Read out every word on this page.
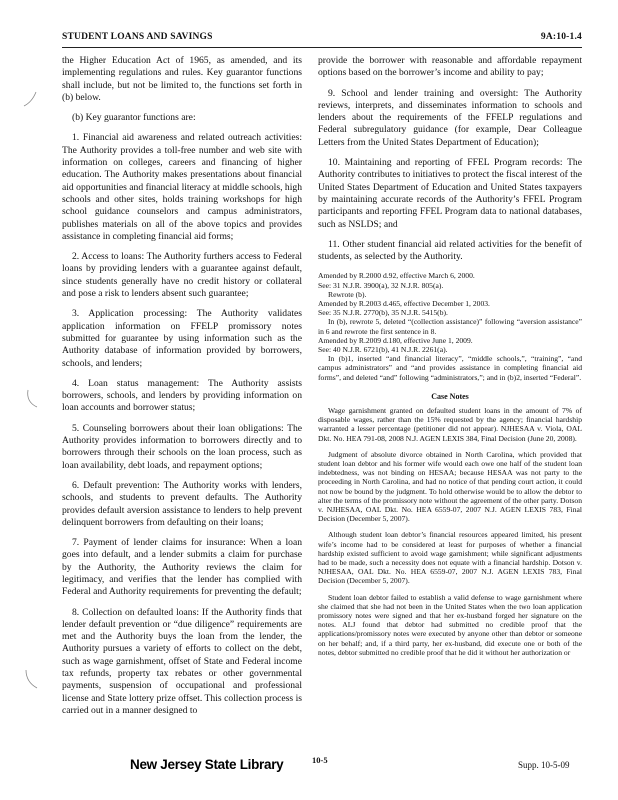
STUDENT LOANS AND SAVINGS	9A:10-1.4

the Higher Education Act of 1965, as amended, and its implementing regulations and rules. Key guarantor functions shall include, but not be limited to, the functions set forth in (b) below.

(b) Key guarantor functions are:

1. Financial aid awareness and related outreach activities: The Authority provides a toll-free number and web site with information on colleges, careers and financing of higher education. The Authority makes presentations about financial aid opportunities and financial literacy at middle schools, high schools and other sites, holds training workshops for high school guidance counselors and campus administrators, publishes materials on all of the above topics and provides assistance in completing financial aid forms;

2. Access to loans: The Authority furthers access to Federal loans by providing lenders with a guarantee against default, since students generally have no credit history or collateral and pose a risk to lenders absent such guarantee;

3. Application processing: The Authority validates application information on FFELP promissory notes submitted for guarantee by using information such as the Authority database of information provided by borrowers, schools, and lenders;

4. Loan status management: The Authority assists borrowers, schools, and lenders by providing information on loan accounts and borrower status;

5. Counseling borrowers about their loan obligations: The Authority provides information to borrowers directly and to borrowers through their schools on the loan process, such as loan availability, debt loads, and repayment options;

6. Default prevention: The Authority works with lenders, schools, and students to prevent defaults. The Authority provides default aversion assistance to lenders to help prevent delinquent borrowers from defaulting on their loans;

7. Payment of lender claims for insurance: When a loan goes into default, and a lender submits a claim for purchase by the Authority, the Authority reviews the claim for legitimacy, and verifies that the lender has complied with Federal and Authority requirements for preventing the default;

8. Collection on defaulted loans: If the Authority finds that lender default prevention or “due diligence” requirements are met and the Authority buys the loan from the lender, the Authority pursues a variety of efforts to collect on the debt, such as wage garnishment, offset of State and Federal income tax refunds, property tax rebates or other governmental payments, suspension of occupational and professional license and State lottery prize offset. This collection process is carried out in a manner designed to

provide the borrower with reasonable and affordable repayment options based on the borrower’s income and ability to pay;

9. School and lender training and oversight: The Authority reviews, interprets, and disseminates information to schools and lenders about the requirements of the FFELP regulations and Federal subregulatory guidance (for example, Dear Colleague Letters from the United States Department of Education);

10. Maintaining and reporting of FFEL Program records: The Authority contributes to initiatives to protect the fiscal interest of the United States Department of Education and United States taxpayers by maintaining accurate records of the Authority’s FFEL Program participants and reporting FFEL Program data to national databases, such as NSLDS; and

11. Other student financial aid related activities for the benefit of students, as selected by the Authority.

Amended by R.2000 d.92, effective March 6, 2000.

See: 31 N.J.R. 3900(a), 32 N.J.R. 805(a).

Rewrote (b).

Amended by R.2003 d.465, effective December 1, 2003.

See: 35 N.J.R. 2770(b), 35 N.J.R. 5415(b).

In (b), rewrote 5, deleted “(collection assistance)” following “aversion assistance” in 6 and rewrote the first sentence in 8.

Amended by R.2009 d.180, effective June 1, 2009.

See: 40 N.J.R. 6721(b), 41 N.J.R. 2261(a).

In (b)1, inserted “and financial literacy”, “middle schools,”, “training”, “and campus administrators” and “and provides assistance in completing financial aid forms”, and deleted “and” following “administrators,”; and in (b)2, inserted “Federal”.

Case Notes

Wage garnishment granted on defaulted student loans in the amount of 7% of disposable wages, rather than the 15% requested by the agency; financial hardship warranted a lesser percentage (petitioner did not appear). NJHESAA v. Viola, OAL Dkt. No. HEA 791-08, 2008 N.J. AGEN LEXIS 384, Final Decision (June 20, 2008).

Judgment of absolute divorce obtained in North Carolina, which provided that student loan debtor and his former wife would each owe one half of the student loan indebtedness, was not binding on HESAA; because HESAA was not party to the proceeding in North Carolina, and had no notice of that pending court action, it could not now be bound by the judgment. To hold otherwise would be to allow the debtor to alter the terms of the promissory note without the agreement of the other party. Dotson v. NJHESAA, OAL Dkt. No. HEA 6559-07, 2007 N.J. AGEN LEXIS 783, Final Decision (December 5, 2007).

Although student loan debtor’s financial resources appeared limited, his present wife’s income had to be considered at least for purposes of whether a financial hardship existed sufficient to avoid wage garnishment; while significant adjustments had to be made, such a necessity does not equate with a financial hardship. Dotson v. NJHESAA, OAL Dkt. No. HEA 6559-07, 2007 N.J. AGEN LEXIS 783, Final Decision (December 5, 2007).

Student loan debtor failed to establish a valid defense to wage garnishment where she claimed that she had not been in the United States when the two loan application promissory notes were signed and that her ex-husband forged her signature on the notes. ALJ found that debtor had submitted no credible proof that the applications/promissory notes were executed by anyone other than debtor or someone on her behalf; and, if a third party, her ex-husband, did execute one or both of the notes, debtor submitted no credible proof that he did it without her authorization or

New Jersey State Library	10-5	Supp. 10-5-09
